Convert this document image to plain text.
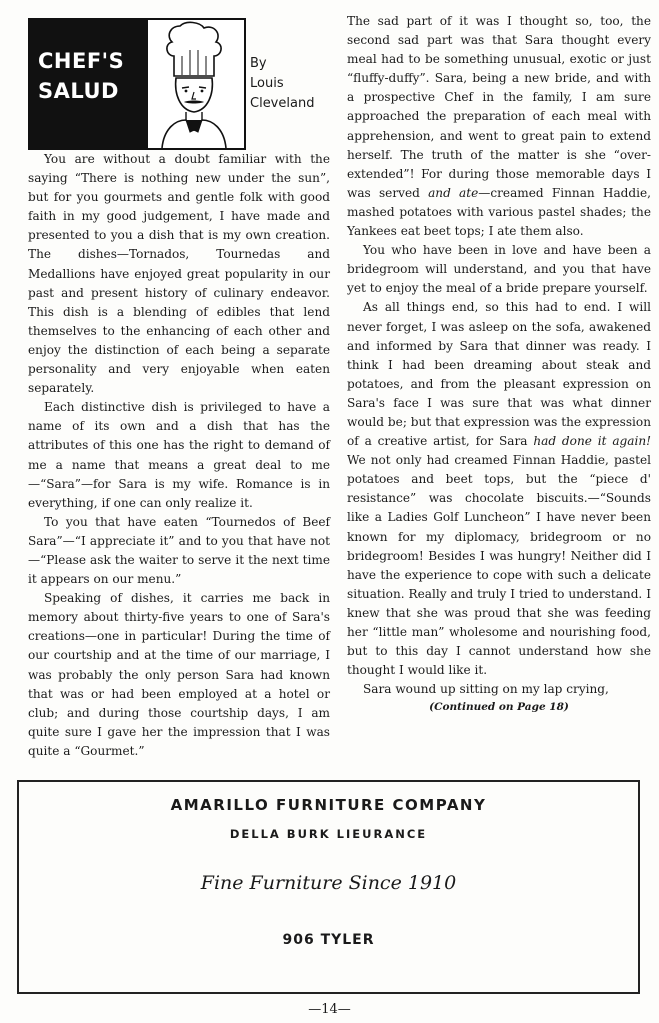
CHEF'S
SALUD
By
Louis
Cleveland

You are without a doubt familiar with the saying “There is nothing new under the sun”, but for you gourmets and gentle folk with good faith in my good judgement, I have made and presented to you a dish that is my own creation. The dishes—Tornados, Tournedas and Medallions have enjoyed great popularity in our past and present history of culinary endeavor. This dish is a blending of edibles that lend themselves to the enhancing of each other and enjoy the distinction of each being a separate personality and very enjoyable when eaten separately.

Each distinctive dish is privileged to have a name of its own and a dish that has the attributes of this one has the right to demand of me a name that means a great deal to me —“Sara”—for Sara is my wife. Romance is in everything, if one can only realize it.

To you that have eaten “Tournedos of Beef Sara”—“I appreciate it” and to you that have not—“Please ask the waiter to serve it the next time it appears on our menu.”

Speaking of dishes, it carries me back in memory about thirty-five years to one of Sara's creations—one in particular! During the time of our courtship and at the time of our marriage, I was probably the only person Sara had known that was or had been employed at a hotel or club; and during those courtship days, I am quite sure I gave her the impression that I was quite a “Gourmet.”

The sad part of it was I thought so, too, the second sad part was that Sara thought every meal had to be something unusual, exotic or just “fluffy-duffy”. Sara, being a new bride, and with a prospective Chef in the family, I am sure approached the preparation of each meal with apprehension, and went to great pain to extend herself. The truth of the matter is she “over-extended”! For during those memorable days I was served and ate—creamed Finnan Haddie, mashed potatoes with various pastel shades; the Yankees eat beet tops; I ate them also.

You who have been in love and have been a bridegroom will understand, and you that have yet to enjoy the meal of a bride prepare yourself.

As all things end, so this had to end. I will never forget, I was asleep on the sofa, awakened and informed by Sara that dinner was ready. I think I had been dreaming about steak and potatoes, and from the pleasant expression on Sara's face I was sure that was what dinner would be; but that expression was the expression of a creative artist, for Sara had done it again! We not only had creamed Finnan Haddie, pastel potatoes and beet tops, but the “piece d' resistance” was chocolate biscuits.—“Sounds like a Ladies Golf Luncheon” I have never been known for my diplomacy, bridegroom or no bridegroom! Besides I was hungry! Neither did I have the experience to cope with such a delicate situation. Really and truly I tried to understand. I knew that she was proud that she was feeding her “little man” wholesome and nourishing food, but to this day I cannot understand how she thought I would like it.

Sara wound up sitting on my lap crying,

(Continued on Page 18)
AMARILLO FURNITURE COMPANY
DELLA BURK LIEURANCE
Fine Furniture Since 1910
906 TYLER
—14—
